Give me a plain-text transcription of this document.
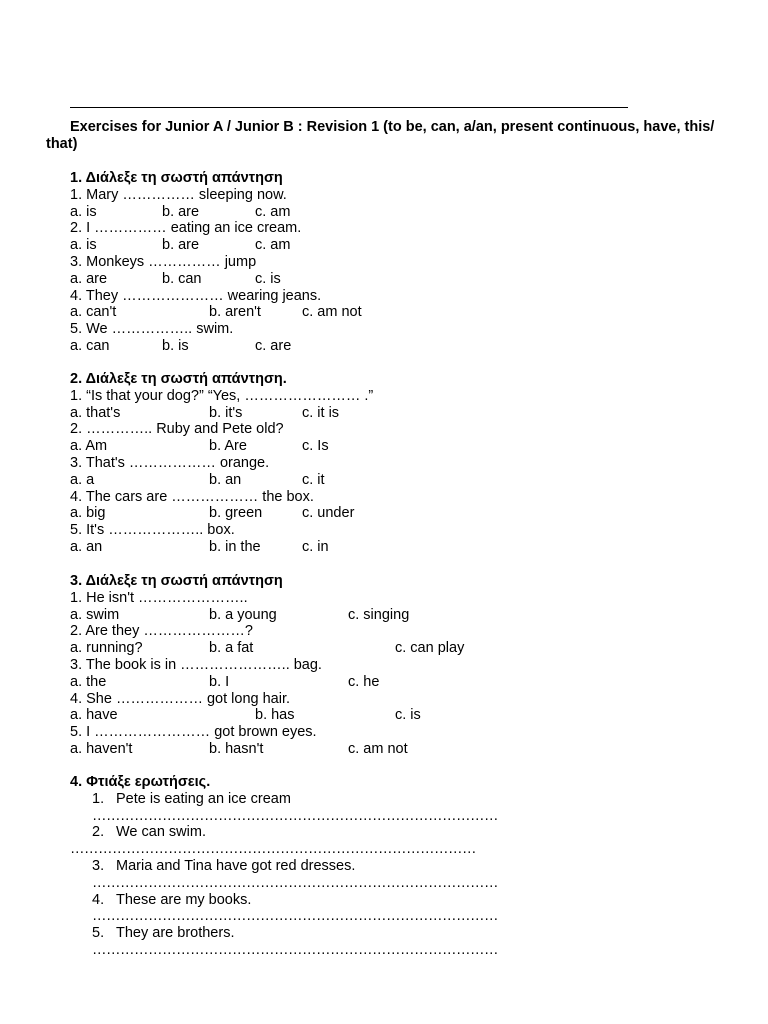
Exercises for Junior A / Junior B : Revision 1 (to be, can, a/an, present continuous, have, this/ that)
1. Διάλεξε τη σωστή απάντηση
1. Mary …………… sleeping now.
a. is	b. are	c. am
2. I …………… eating an ice cream.
a. is	b. are	c. am
3. Monkeys …………… jump
a. are	b. can	c. is
4. They ………………… wearing jeans.
a. can't	b. aren't	c. am not
5. We …………….. swim.
a. can	b. is	c. are
2. Διάλεξε τη σωστή απάντηση.
1. “Is that your dog?” “Yes, …………………… .”
a. that's	b. it's	c. it is
2. ………….. Ruby and Pete old?
a. Am	b. Are	c. Is
3. That's ……………… orange.
a. a	b. an	c. it
4. The cars are ……………… the box.
a. big	b. green	c. under
5. It's ……………….. box.
a. an	b. in the	c. in
3. Διάλεξε τη σωστή απάντηση
1. He isn't …………………..
a. swim	b. a young	c. singing
2. Are they …………………?
a. running?	b. a fat	c. can play
3. The book is in ………………….. bag.
a. the	b. I	c. he
4. She ……………… got long hair.
a. have	b. has	c. is
5. I …………………… got brown eyes.
a. haven't	b. hasn't	c. am not
4. Φτιάξε ερωτήσεις.
1. Pete is eating an ice cream
……………………………………………………………………………
2. We can swim.
……………………………………………………………………………
3. Maria and Tina have got red dresses.
……………………………………………………………………………
4. These are my books.
……………………………………………………………………………
5. They are brothers.
……………………………………………………………………………
